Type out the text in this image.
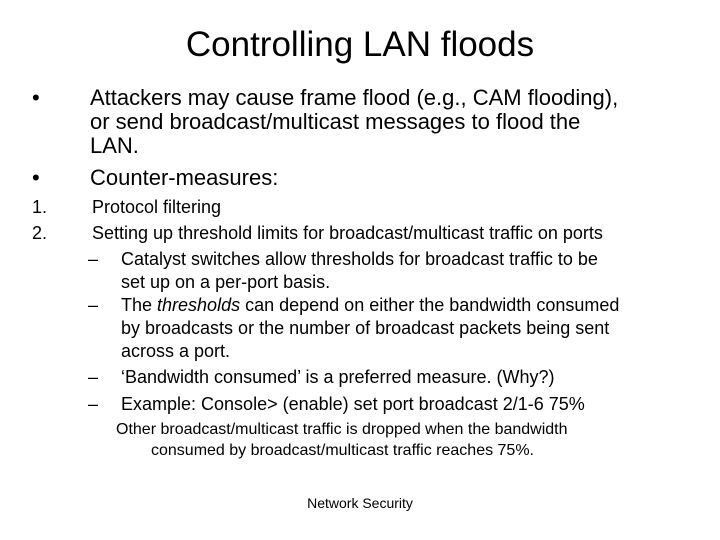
Controlling LAN floods
• Attackers may cause frame flood (e.g., CAM flooding),
or send broadcast/multicast messages to flood the
LAN.
• Counter-measures:
1. Protocol filtering
2. Setting up threshold limits for broadcast/multicast traffic on ports
– Catalyst switches allow thresholds for broadcast traffic to be
set up on a per-port basis.
– The thresholds can depend on either the bandwidth consumed
by broadcasts or the number of broadcast packets being sent
across a port.
– ‘Bandwidth consumed’ is a preferred measure. (Why?)
– Example: Console> (enable) set port broadcast 2/1-6 75%
Other broadcast/multicast traffic is dropped when the bandwidth
consumed by broadcast/multicast traffic reaches 75%.
Network Security
